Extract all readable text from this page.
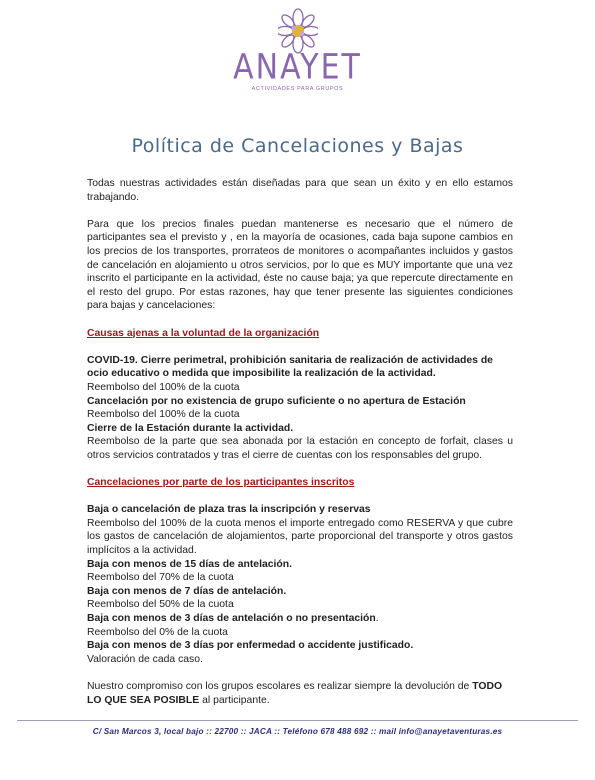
ANAYET
ACTIVIDADES PARA GRUPOS
Política de Cancelaciones y Bajas

Todas nuestras actividades están diseñadas para que sean un éxito y en ello estamos trabajando.

Para que los precios finales puedan mantenerse es necesario que el número de participantes sea el previsto y , en la mayoría de ocasiones, cada baja supone cambios en los precios de los transportes, prorrateos de monitores o acompañantes incluidos y gastos de cancelación en alojamiento u otros servicios, por lo que es MUY importante que una vez inscrito el participante en la actividad, éste no cause baja; ya que repercute directamente en el resto del grupo. Por estas razones, hay que tener presente las siguientes condiciones para bajas y cancelaciones:

Causas ajenas a la voluntad de la organización

COVID-19. Cierre perimetral, prohibición sanitaria de realización de actividades de ocio educativo o medida que imposibilite la realización de la actividad.

Reembolso del 100% de la cuota

Cancelación por no existencia de grupo suficiente o no apertura de Estación

Reembolso del 100% de la cuota

Cierre de la Estación durante la actividad.

Reembolso de la parte que sea abonada por la estación en concepto de forfait, clases u otros servicios contratados y tras el cierre de cuentas con los responsables del grupo.

Cancelaciones por parte de los participantes inscritos

Baja o cancelación de plaza tras la inscripción y reservas

Reembolso del 100% de la cuota menos el importe entregado como RESERVA y que cubre los gastos de cancelación de alojamientos, parte proporcional del transporte y otros gastos implícitos a la actividad.

Baja con menos de 15 días de antelación.

Reembolso del 70% de la cuota

Baja con menos de 7 días de antelación.

Reembolso del 50% de la cuota

Baja con menos de 3 días de antelación o no presentación.

Reembolso del 0% de la cuota

Baja con menos de 3 días por enfermedad o accidente justificado.

Valoración de cada caso.

Nuestro compromiso con los grupos escolares es realizar siempre la devolución de TODO LO QUE SEA POSIBLE al participante.

C/ San Marcos 3, local bajo :: 22700 :: JACA :: Teléfono 678 488 692 :: mail info@anayetaventuras.es
